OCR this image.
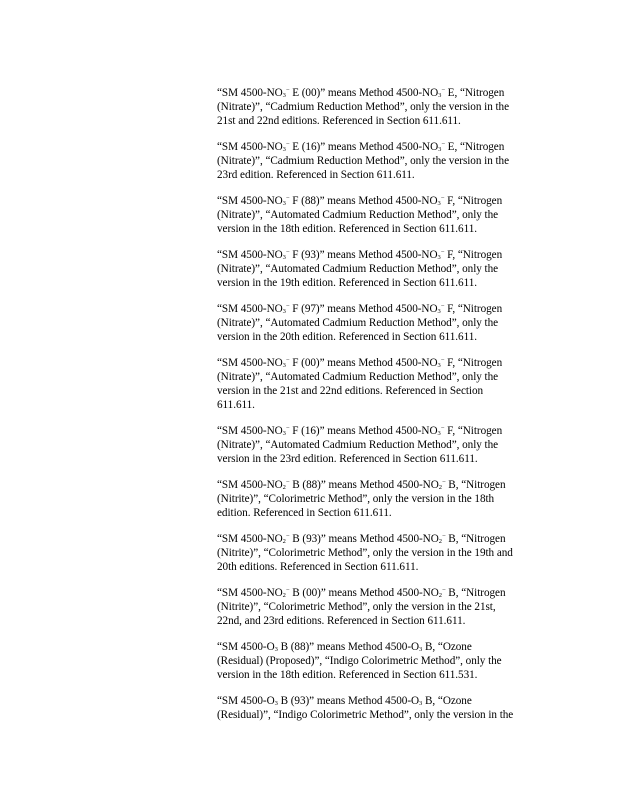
“SM $4500-NO_3^-$ E (00)” means Method $4500-NO_3^-$ E, “Nitrogen
(Nitrate)”, “Cadmium Reduction Method”, only the version in the
21st and 22nd editions. Referenced in Section 611.611.
“SM $4500-NO_3^-$ E (16)” means Method $4500-NO_3^-$ E, “Nitrogen
(Nitrate)”, “Cadmium Reduction Method”, only the version in the
23rd edition. Referenced in Section 611.611.
“SM $4500-NO_3^-$ F (88)” means Method $4500-NO_3^-$ F, “Nitrogen
(Nitrate)”, “Automated Cadmium Reduction Method”, only the
version in the 18th edition. Referenced in Section 611.611.
“SM $4500-NO_3^-$ F (93)” means Method $4500-NO_3^-$ F, “Nitrogen
(Nitrate)”, “Automated Cadmium Reduction Method”, only the
version in the 19th edition. Referenced in Section 611.611.
“SM $4500-NO_3^-$ F (97)” means Method $4500-NO_3^-$ F, “Nitrogen
(Nitrate)”, “Automated Cadmium Reduction Method”, only the
version in the 20th edition. Referenced in Section 611.611.
“SM $4500-NO_3^-$ F (00)” means Method $4500-NO_3^-$ F, “Nitrogen
(Nitrate)”, “Automated Cadmium Reduction Method”, only the
version in the 21st and 22nd editions. Referenced in Section
611.611.
“SM $4500-NO_3^-$ F (16)” means Method $4500-NO_3^-$ F, “Nitrogen
(Nitrate)”, “Automated Cadmium Reduction Method”, only the
version in the 23rd edition. Referenced in Section 611.611.
“SM $4500-NO_2^-$ B (88)” means Method $4500-NO_2^-$ B, “Nitrogen
(Nitrite)”, “Colorimetric Method”, only the version in the 18th
edition. Referenced in Section 611.611.
“SM $4500-NO_2^-$ B (93)” means Method $4500-NO_2^-$ B, “Nitrogen
(Nitrite)”, “Colorimetric Method”, only the version in the 19th and
20th editions. Referenced in Section 611.611.
“SM $4500-NO_2^-$ B (00)” means Method $4500-NO_2^-$ B, “Nitrogen
(Nitrite)”, “Colorimetric Method”, only the version in the 21st,
22nd, and 23rd editions. Referenced in Section 611.611.
“SM $4500-O_3$ B (88)” means Method $4500-O_3$ B, “Ozone
(Residual) (Proposed)”, “Indigo Colorimetric Method”, only the
version in the 18th edition. Referenced in Section 611.531.
“SM $4500-O_3$ B (93)” means Method $4500-O_3$ B, “Ozone
(Residual)”, “Indigo Colorimetric Method”, only the version in the
